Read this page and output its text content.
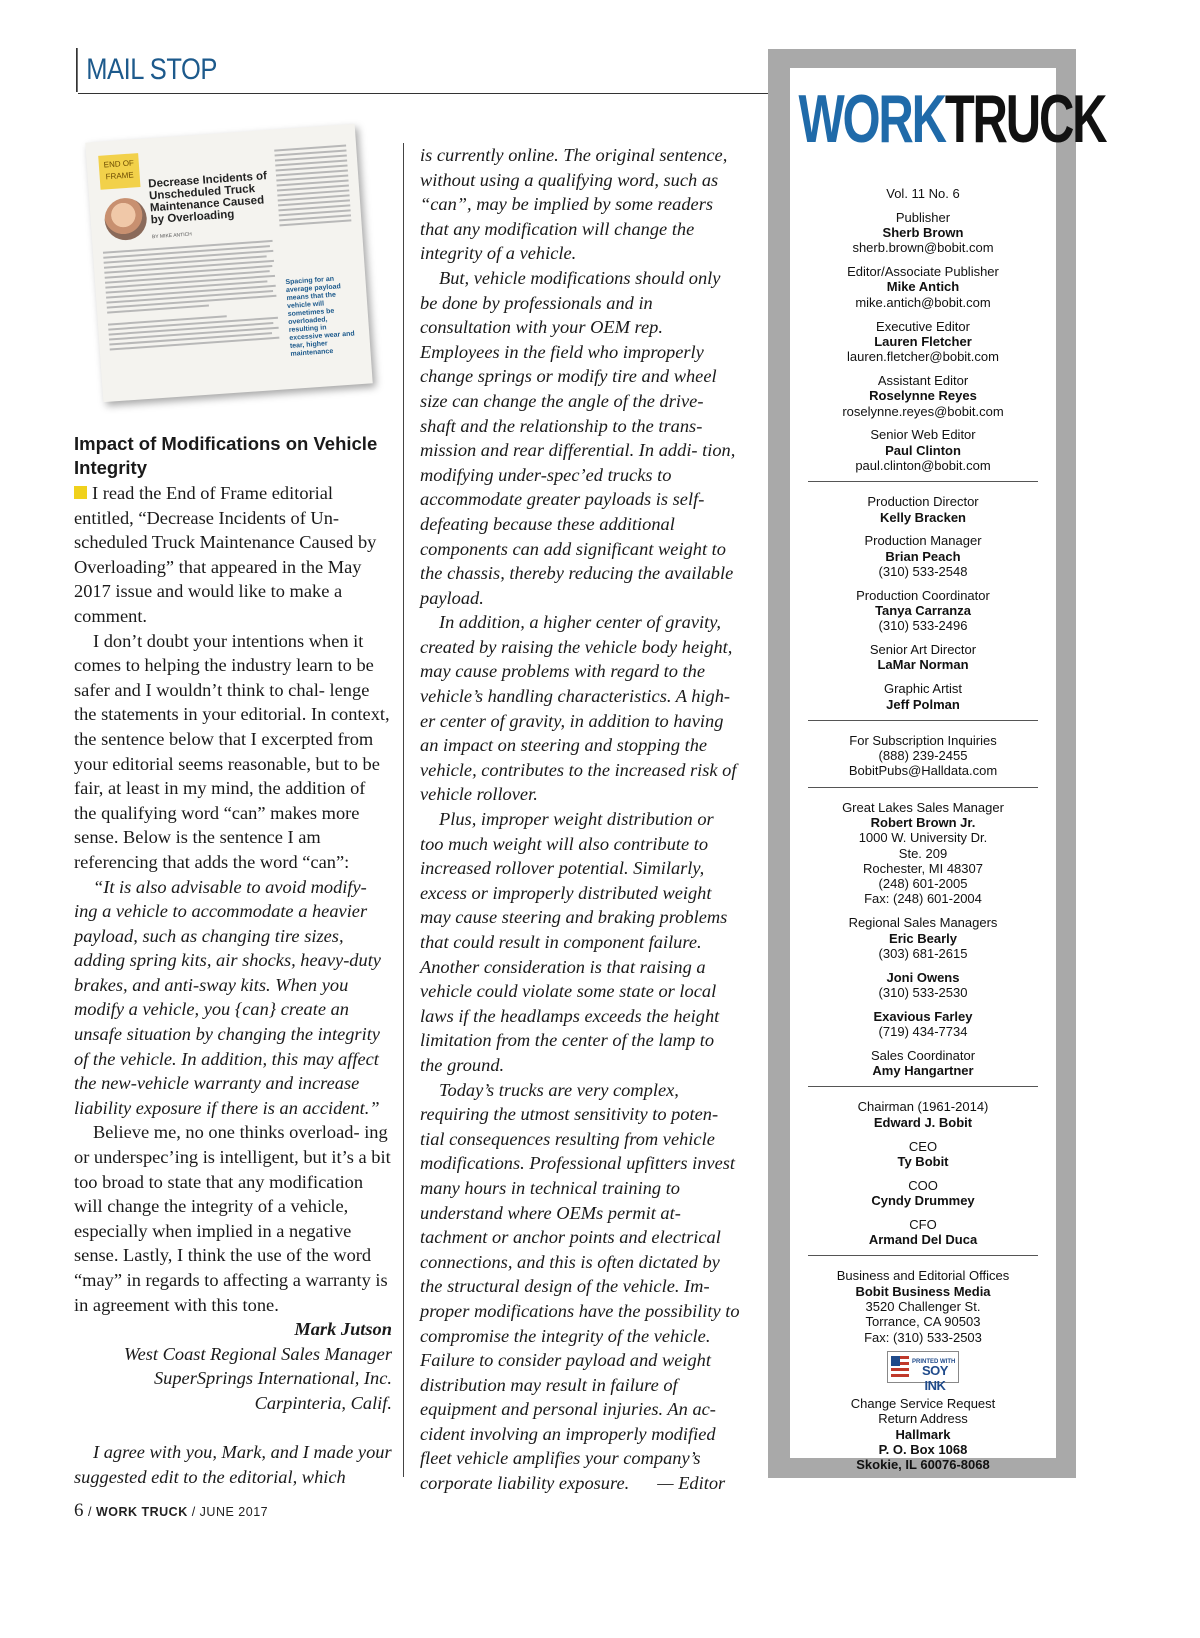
MAIL STOP
END OF FRAME	Decrease Incidents of Unscheduled Truck Maintenance Caused by Overloading
BY MIKE ANTICH
Spacing for an average payload means that the vehicle will sometimes be overloaded, resulting in excessive wear and tear, higher maintenance
Impact of Modifications on Vehicle Integrity

I read the End of Frame editorial entitled, “Decrease Incidents of Un- scheduled Truck Maintenance Caused by Overloading” that appeared in the May 2017 issue and would like to make a comment.

I don’t doubt your intentions when it comes to helping the industry learn to be safer and I wouldn’t think to chal- lenge the statements in your editorial. In context, the sentence below that I excerpted from your editorial seems reasonable, but to be fair, at least in my mind, the addition of the qualifying word “can” makes more sense. Below is the sentence I am referencing that adds the word “can”:

“It is also advisable to avoid modify- ing a vehicle to accommodate a heavier payload, such as changing tire sizes, adding spring kits, air shocks, heavy-duty brakes, and anti-sway kits. When you modify a vehicle, you {can} create an unsafe situation by changing the integrity of the vehicle. In addition, this may affect the new-vehicle warranty and increase liability exposure if there is an accident.”

Believe me, no one thinks overload- ing or underspec’ing is intelligent, but it’s a bit too broad to state that any modification will change the integrity of a vehicle, especially when implied in a negative sense. Lastly, I think the use of the word “may” in regards to affecting a warranty is in agreement with this tone.

Mark Jutson

West Coast Regional Sales Manager

SuperSprings International, Inc.

Carpinteria, Calif.

I agree with you, Mark, and I made your suggested edit to the editorial, which

is currently online. The original sentence, without using a qualifying word, such as “can”, may be implied by some readers that any modification will change the integrity of a vehicle.

But, vehicle modifications should only be done by professionals and in consultation with your OEM rep. Employees in the field who improperly change springs or modify tire and wheel size can change the angle of the drive- shaft and the relationship to the trans- mission and rear differential. In addi- tion, modifying under-spec’ed trucks to accommodate greater payloads is self-defeating because these additional components can add significant weight to the chassis, thereby reducing the available payload.

In addition, a higher center of gravity, created by raising the vehicle body height, may cause problems with regard to the vehicle’s handling characteristics. A high- er center of gravity, in addition to having an impact on steering and stopping the vehicle, contributes to the increased risk of vehicle rollover.

Plus, improper weight distribution or too much weight will also contribute to increased rollover potential. Similarly, excess or improperly distributed weight may cause steering and braking problems that could result in component failure. Another consideration is that raising a vehicle could violate some state or local laws if the headlamps exceeds the height limitation from the center of the lamp to the ground.

Today’s trucks are very complex, requiring the utmost sensitivity to poten- tial consequences resulting from vehicle modifications. Professional upfitters invest many hours in technical training to understand where OEMs permit at- tachment or anchor points and electrical connections, and this is often dictated by the structural design of the vehicle. Im- proper modifications have the possibility to compromise the integrity of the vehicle. Failure to consider payload and weight distribution may result in failure of equipment and personal injuries. An ac- cident involving an improperly modified fleet vehicle amplifies your company’s corporate liability exposure. — Editor

WORKTRUCK
Vol. 11 No. 6
Publisher
Sherb Brown
sherb.brown@bobit.com
Editor/Associate Publisher
Mike Antich
mike.antich@bobit.com
Executive Editor
Lauren Fletcher
lauren.fletcher@bobit.com
Assistant Editor
Roselynne Reyes
roselynne.reyes@bobit.com
Senior Web Editor
Paul Clinton
paul.clinton@bobit.com
Production Director
Kelly Bracken
Production Manager
Brian Peach
(310) 533-2548
Production Coordinator
Tanya Carranza
(310) 533-2496
Senior Art Director
LaMar Norman
Graphic Artist
Jeff Polman
For Subscription Inquiries
(888) 239-2455
BobitPubs@Halldata.com
Great Lakes Sales Manager
Robert Brown Jr.
1000 W. University Dr.
Ste. 209
Rochester, MI 48307
(248) 601-2005
Fax: (248) 601-2004
Regional Sales Managers
Eric Bearly
(303) 681-2615
Joni Owens
(310) 533-2530
Exavious Farley
(719) 434-7734
Sales Coordinator
Amy Hangartner
Chairman (1961-2014)
Edward J. Bobit
CEO
Ty Bobit
COO
Cyndy Drummey
CFO
Armand Del Duca
Business and Editorial Offices
Bobit Business Media
3520 Challenger St.
Torrance, CA 90503
Fax: (310) 533-2503
PRINTED WITH
SOY INK
Change Service Request
Return Address
Hallmark
P. O. Box 1068
Skokie, IL 60076-8068
6 / WORK TRUCK / JUNE 2017
